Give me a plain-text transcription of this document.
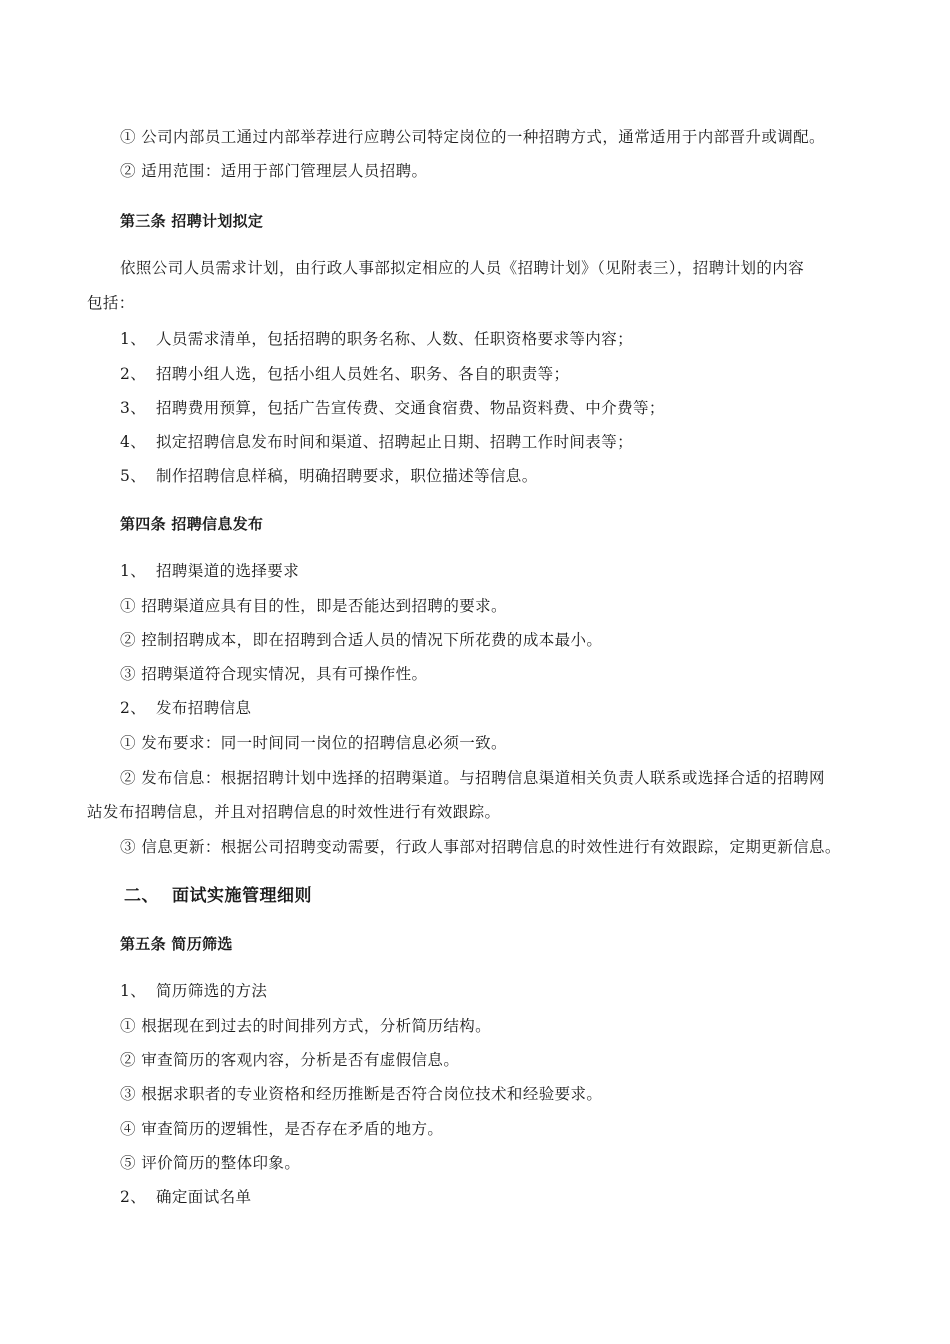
① 公司内部员工通过内部举荐进行应聘公司特定岗位的一种招聘方式，通常适用于内部晋升或调配。
② 适用范围：适用于部门管理层人员招聘。
第三条 招聘计划拟定
依照公司人员需求计划，由行政人事部拟定相应的人员《招聘计划》（见附表三），招聘计划的内容
包括：
1、 人员需求清单，包括招聘的职务名称、人数、任职资格要求等内容；
2、 招聘小组人选，包括小组人员姓名、职务、各自的职责等；
3、 招聘费用预算，包括广告宣传费、交通食宿费、物品资料费、中介费等；
4、 拟定招聘信息发布时间和渠道、招聘起止日期、招聘工作时间表等；
5、 制作招聘信息样稿，明确招聘要求，职位描述等信息。
第四条 招聘信息发布
1、 招聘渠道的选择要求
① 招聘渠道应具有目的性，即是否能达到招聘的要求。
② 控制招聘成本，即在招聘到合适人员的情况下所花费的成本最小。
③ 招聘渠道符合现实情况，具有可操作性。
2、 发布招聘信息
① 发布要求：同一时间同一岗位的招聘信息必须一致。
② 发布信息：根据招聘计划中选择的招聘渠道。与招聘信息渠道相关负责人联系或选择合适的招聘网
站发布招聘信息，并且对招聘信息的时效性进行有效跟踪。
③ 信息更新：根据公司招聘变动需要，行政人事部对招聘信息的时效性进行有效跟踪，定期更新信息。
二、 面试实施管理细则
第五条 简历筛选
1、 简历筛选的方法
① 根据现在到过去的时间排列方式，分析简历结构。
② 审查简历的客观内容，分析是否有虚假信息。
③ 根据求职者的专业资格和经历推断是否符合岗位技术和经验要求。
④ 审查简历的逻辑性，是否存在矛盾的地方。
⑤ 评价简历的整体印象。
2、 确定面试名单
